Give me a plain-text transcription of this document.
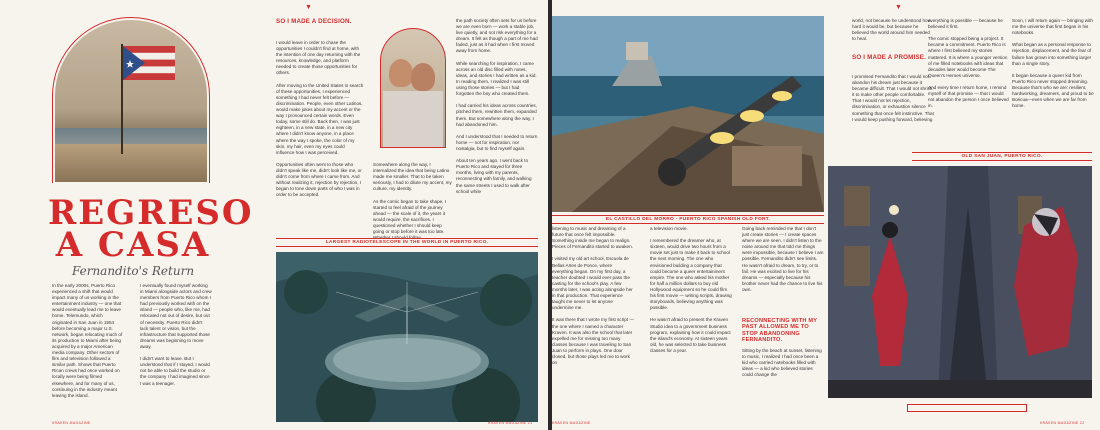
REGRESO
A CASA
Fernandito's Return
In the early 2000s, Puerto Rico experienced a shift that would impact many of us working in the entertainment industry — one that would eventually lead me to leave home. Telemundo, which originated in San Juan in 1954 before becoming a major U.S. network, began relocating much of its production to Miami after being acquired by a major American media company. Other sectors of film and television followed a similar path. Shows that Puerto Rican crews had once worked on locally were being filmed elsewhere, and for many of us, continuing in the industry meant leaving the island.
I eventually found myself working in Miami alongside actors and crew members from Puerto Rico whom I had previously worked with on the island — people who, like me, had relocated not out of desire, but out of necessity. Puerto Rico didn't lack talent or vision, but the infrastructure that supported those dreams was beginning to move away.

I didn't want to leave. But I understood that if I stayed, I would not be able to build the studio or the company I had imagined since I was a teenager.
▼
SO I MADE A DECISION.
I would leave in order to chase the opportunities I couldn't find at home, with the intention of one day returning with the resources, knowledge, and platform needed to create those opportunities for others.

After moving to the United States in search of these opportunities, I experienced something I had never felt before — discrimination. People, even other Latinos, would make jokes about my accent or the way I pronounced certain words. Even today, some still do. Back then, I was just eighteen, in a new state, in a new city where I didn't know anyone, in a place where the way I spoke, the color of my skin, my hair, even my eyes could influence how I was perceived.

Opportunities often went to those who didn't speak like me, didn't look like me, or didn't come from where I came from. And without realizing it, rejection by rejection, I began to tone down parts of who I was in order to be accepted.
Somewhere along the way, I internalized the idea that being Latino made me smaller. That to be taken seriously, I had to dilute my accent, my culture, my identity.

As the comic began to take shape, I started to feel afraid of the journey ahead — the scale of it, the years it would require, the sacrifices. I questioned whether I should keep going or stop before it was too late. Whether I should follow
the path society often sets for us before we are even born — work a stable job, live quietly, and not risk everything for a dream. It felt as though a part of me had faded, just as it had when I first moved away from home.

While searching for inspiration, I came across an old disc filled with notes, ideas, and stories I had written as a kid. In reading them, I realized I was still using those stories — but I had forgotten the boy who created them.

I had carried his ideas across countries, pitched them, rewritten them, expanded them. But somewhere along the way, I had abandoned him.

And I understood that I needed to return home — not for inspiration, nor nostalgia, but to find myself again.

About ten years ago, I went back to Puerto Rico and stayed for three months, living with my parents, reconnecting with family, and walking the same streets I used to walk after school while
LARGEST RADIOTELESCOPE IN THE WORLD IN PUERTO RICO.
KRAKEN MAGAZINE	KRAKEN MAGAZINE 21
▼
world, not because he understood how hard it would be, but because he believed the world around him needed to heal.
SO I MADE A PROMISE.
I promised Fernandito that I would not abandon his dream just because it became difficult. That I would not shrink it to make other people comfortable. That I would not let rejection, discrimination, or exhaustion silence something that once felt instinctive. That I would keep pushing forward, believing
everything is possible — because he believed it first.

The comic stopped being a project. It became a commitment. Puerto Rico is where I first believed my stories mattered. It is where a younger version of me filled notebooks with ideas that decades later would become The Queen's Heroes universe.

And every time I return home, I remind myself of that promise — that I would not abandon the person I once believed in.
Soon, I will return again — bringing with me the universe that first began in his notebooks.

What began as a personal response to rejection, displacement, and the fear of failure has grown into something larger than a single story.

It began because a queer kid from Puerto Rico never stopped dreaming. Because that's who we are: resilient, hardworking, dreamers, and proud to be Boricua—even when we are far from home.
OLD SAN JUAN, PUERTO RICO.
EL CASTILLO DEL MORRO - PUERTO RICO SPANISH OLD FORT.
listening to music and dreaming of a future that once felt impossible. Something inside me began to realign. Pieces of Fernandito started to awaken.

I visited my old art school, Escuela de Bellas Artes de Ponce, where everything began. On my first day, a teacher doubted I would ever pass the casting for the school's play. A few months later, I was acting alongside her in that production. That experience taught me never to let anyone undermine me.

It was there that I wrote my first script — the one where I named a character Kraven. It was also the school that later expelled me for missing too many classes because I was traveling to San Juan to perform in plays. One door closed, but those plays led me to work on
a television movie.

I remembered the dreamer who, at sixteen, would drive two hours from a movie set just to make it back to school the next morning. The one who envisioned building a company that could become a queer entertainment empire. The one who asked his mother for half a million dollars to buy old Hollywood equipment so he could film his first movie — writing scripts, drawing storyboards, believing anything was possible.

He wasn't afraid to present the Kraven Studio idea to a government business program, explaining how it could impact the island's economy. At sixteen years old, he was selected to take business classes for a year.
Going back reminded me that I don't just create stories — I create spaces where we are seen. I didn't listen to the noise around me that told me things were impossible, because I believe I am possible. Fernandito didn't see limits. He wasn't afraid to dream, to try, or to fail. He was excited to live for his dreams — especially because his brother never had the chance to live his own.
RECONNECTING WITH MY PAST ALLOWED ME TO STOP ABANDONING FERNANDITO.
Sitting by the beach at sunset, listening to music, I realized I had once been a kid who carried notebooks filled with ideas — a kid who believed stories could change the
KRAKEN MAGAZINE	KRAKEN MAGAZINE 22
